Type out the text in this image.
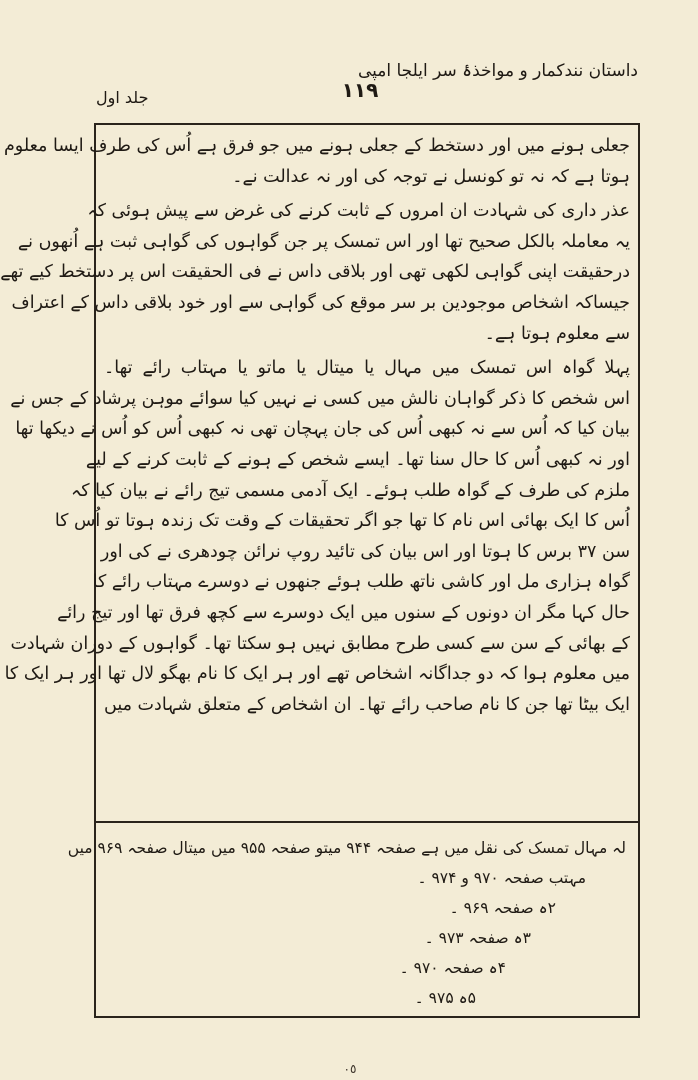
داستان نندکمار و مواخذۂ سر ایلجا امپی
۱۱۹
جلد اول
جعلی ہونے میں اور دستخط کے جعلی ہونے میں جو فرق ہے اُس کی طرف ایسا معلوم
ہوتا ہے کہ نہ تو کونسل نے توجہ کی اور نہ عدالت نے۔
عذر داری کی شہادت ان امروں کے ثابت کرنے کی غرض سے پیش ہوئی کہ
یہ معاملہ بالکل صحیح تھا اور اس تمسک پر جن گواہوں کی گواہی ثبت ہے اُنھوں نے
درحقیقت اپنی گواہی لکھی تھی اور بلاقی داس نے فی الحقیقت اس پر دستخط کیے تھے
جیساکہ اشخاص موجودین بر سر موقع کی گواہی سے اور خود بلاقی داس کے اعتراف
سے معلوم ہوتا ہے۔
پہلا گواہ اس تمسک میں مہال یا میتال یا ماتو یا مہتاب رائے تھا۔
اس شخص کا ذکر گواہان نالش میں کسی نے نہیں کیا سوائے موہن پرشاد کے جس نے
بیان کیا کہ اُس سے نہ کبھی اُس کی جان پہچان تھی نہ کبھی اُس کو اُس نے دیکھا تھا
اور نہ کبھی اُس کا حال سنا تھا۔ ایسے شخص کے ہونے کے ثابت کرنے کے لیے
ملزم کی طرف کے گواہ طلب ہوئے۔ ایک آدمی مسمی تیج رائے نے بیان کیا کہ
اُس کا ایک بھائی اس نام کا تھا جو اگر تحقیقات کے وقت تک زندہ ہوتا تو اُس کا
سن ۳۷ برس کا ہوتا اور اس بیان کی تائید روپ نرائن چودھری نے کی اور
گواہ ہزاری مل اور کاشی ناتھ طلب ہوئے جنھوں نے دوسرے مہتاب رائے کا
حال کہا مگر ان دونوں کے سنوں میں ایک دوسرے سے کچھ فرق تھا اور تیج رائے
کے بھائی کے سن سے کسی طرح مطابق نہیں ہو سکتا تھا۔ گواہوں کے دوران شہادت
میں معلوم ہوا کہ دو جداگانہ اشخاص تھے اور ہر ایک کا نام بھگو لال تھا اور ہر ایک کا
ایک بیٹا تھا جن کا نام صاحب رائے تھا۔ ان اشخاص کے متعلق شہادت میں
لہ مہال تمسک کی نقل میں ہے صفحہ ۹۴۴ میتو صفحہ ۹۵۵ میں میتال صفحہ ۹۶۹ میں
مہتب صفحہ ۹۷۰ و ۹۷۴ ۔
۲ہ صفحہ ۹۶۹ ۔
۳ہ صفحہ ۹۷۳ ۔
۴ہ صفحہ ۹۷۰ ۔
۵ہ ۹۷۵ ۔
٠٥
